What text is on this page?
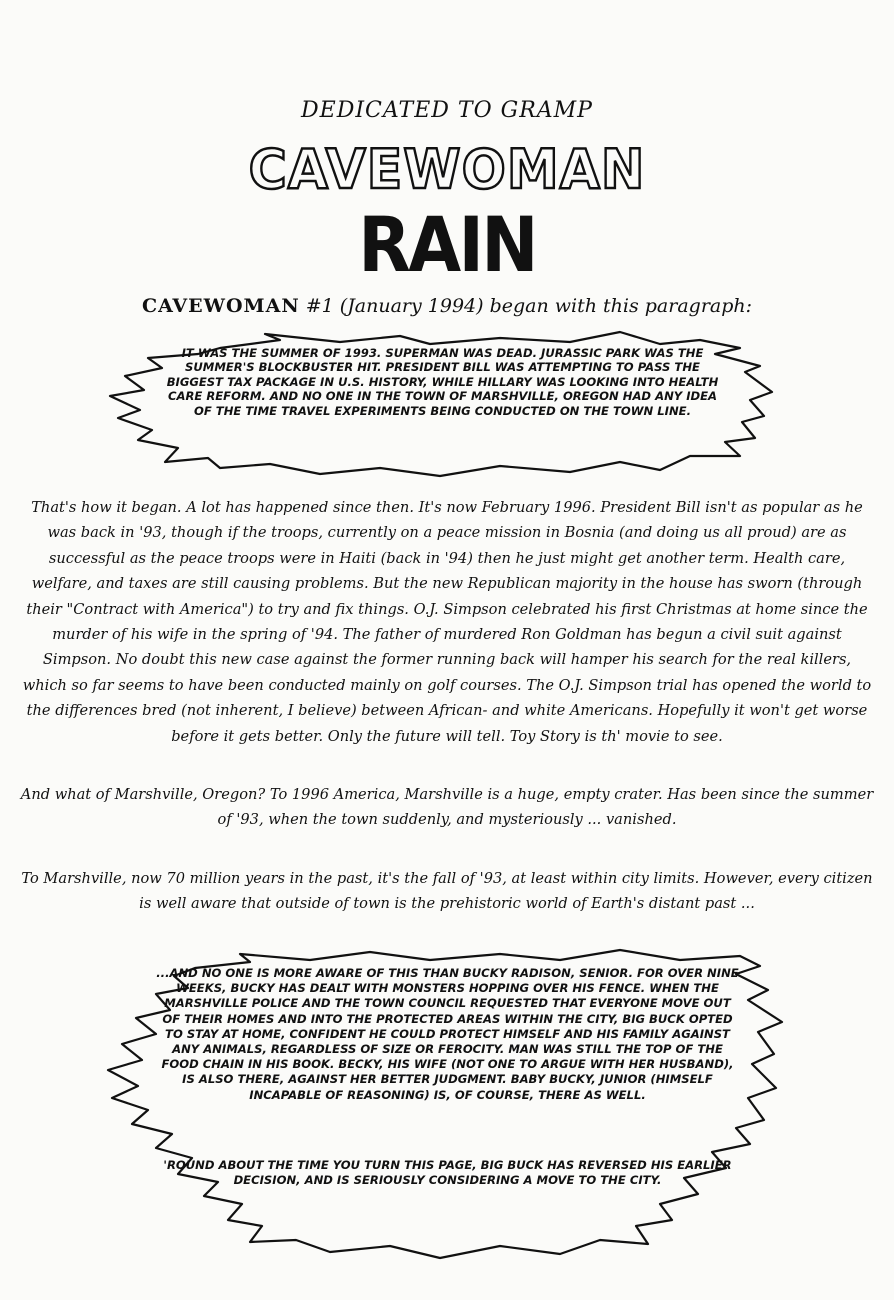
DEDICATED TO GRAMP
CAVEWOMAN
RAIN
CAVEWOMAN #1 (January 1994) began with this paragraph:
IT WAS THE SUMMER OF 1993. SUPERMAN WAS DEAD. JURASSIC PARK WAS THE SUMMER'S BLOCKBUSTER HIT. PRESIDENT BILL WAS ATTEMPTING TO PASS THE BIGGEST TAX PACKAGE IN U.S. HISTORY, WHILE HILLARY WAS LOOKING INTO HEALTH CARE REFORM. AND NO ONE IN THE TOWN OF MARSHVILLE, OREGON HAD ANY IDEA OF THE TIME TRAVEL EXPERIMENTS BEING CONDUCTED ON THE TOWN LINE.
That's how it began. A lot has happened since then. It's now February 1996. President Bill isn't as popular as he was back in '93, though if the troops, currently on a peace mission in Bosnia (and doing us all proud) are as successful as the peace troops were in Haiti (back in '94) then he just might get another term. Health care, welfare, and taxes are still causing problems. But the new Republican majority in the house has sworn (through their "Contract with America") to try and fix things. O.J. Simpson celebrated his first Christmas at home since the murder of his wife in the spring of '94. The father of murdered Ron Goldman has begun a civil suit against Simpson. No doubt this new case against the former running back will hamper his search for the real killers, which so far seems to have been conducted mainly on golf courses. The O.J. Simpson trial has opened the world to the differences bred (not inherent, I believe) between African- and white Americans. Hopefully it won't get worse before it gets better. Only the future will tell. Toy Story is th' movie to see.
And what of Marshville, Oregon? To 1996 America, Marshville is a huge, empty crater. Has been since the summer of '93, when the town suddenly, and mysteriously ... vanished.
To Marshville, now 70 million years in the past, it's the fall of '93, at least within city limits. However, every citizen is well aware that outside of town is the prehistoric world of Earth's distant past ...
...AND NO ONE IS MORE AWARE OF THIS THAN BUCKY RADISON, SENIOR. FOR OVER NINE WEEKS, BUCKY HAS DEALT WITH MONSTERS HOPPING OVER HIS FENCE. WHEN THE MARSHVILLE POLICE AND THE TOWN COUNCIL REQUESTED THAT EVERYONE MOVE OUT OF THEIR HOMES AND INTO THE PROTECTED AREAS WITHIN THE CITY, BIG BUCK OPTED TO STAY AT HOME, CONFIDENT HE COULD PROTECT HIMSELF AND HIS FAMILY AGAINST ANY ANIMALS, REGARDLESS OF SIZE OR FEROCITY. MAN WAS STILL THE TOP OF THE FOOD CHAIN IN HIS BOOK. BECKY, HIS WIFE (NOT ONE TO ARGUE WITH HER HUSBAND), IS ALSO THERE, AGAINST HER BETTER JUDGMENT. BABY BUCKY, JUNIOR (HIMSELF INCAPABLE OF REASONING) IS, OF COURSE, THERE AS WELL.
'ROUND ABOUT THE TIME YOU TURN THIS PAGE, BIG BUCK HAS REVERSED HIS EARLIER DECISION, AND IS SERIOUSLY CONSIDERING A MOVE TO THE CITY.
